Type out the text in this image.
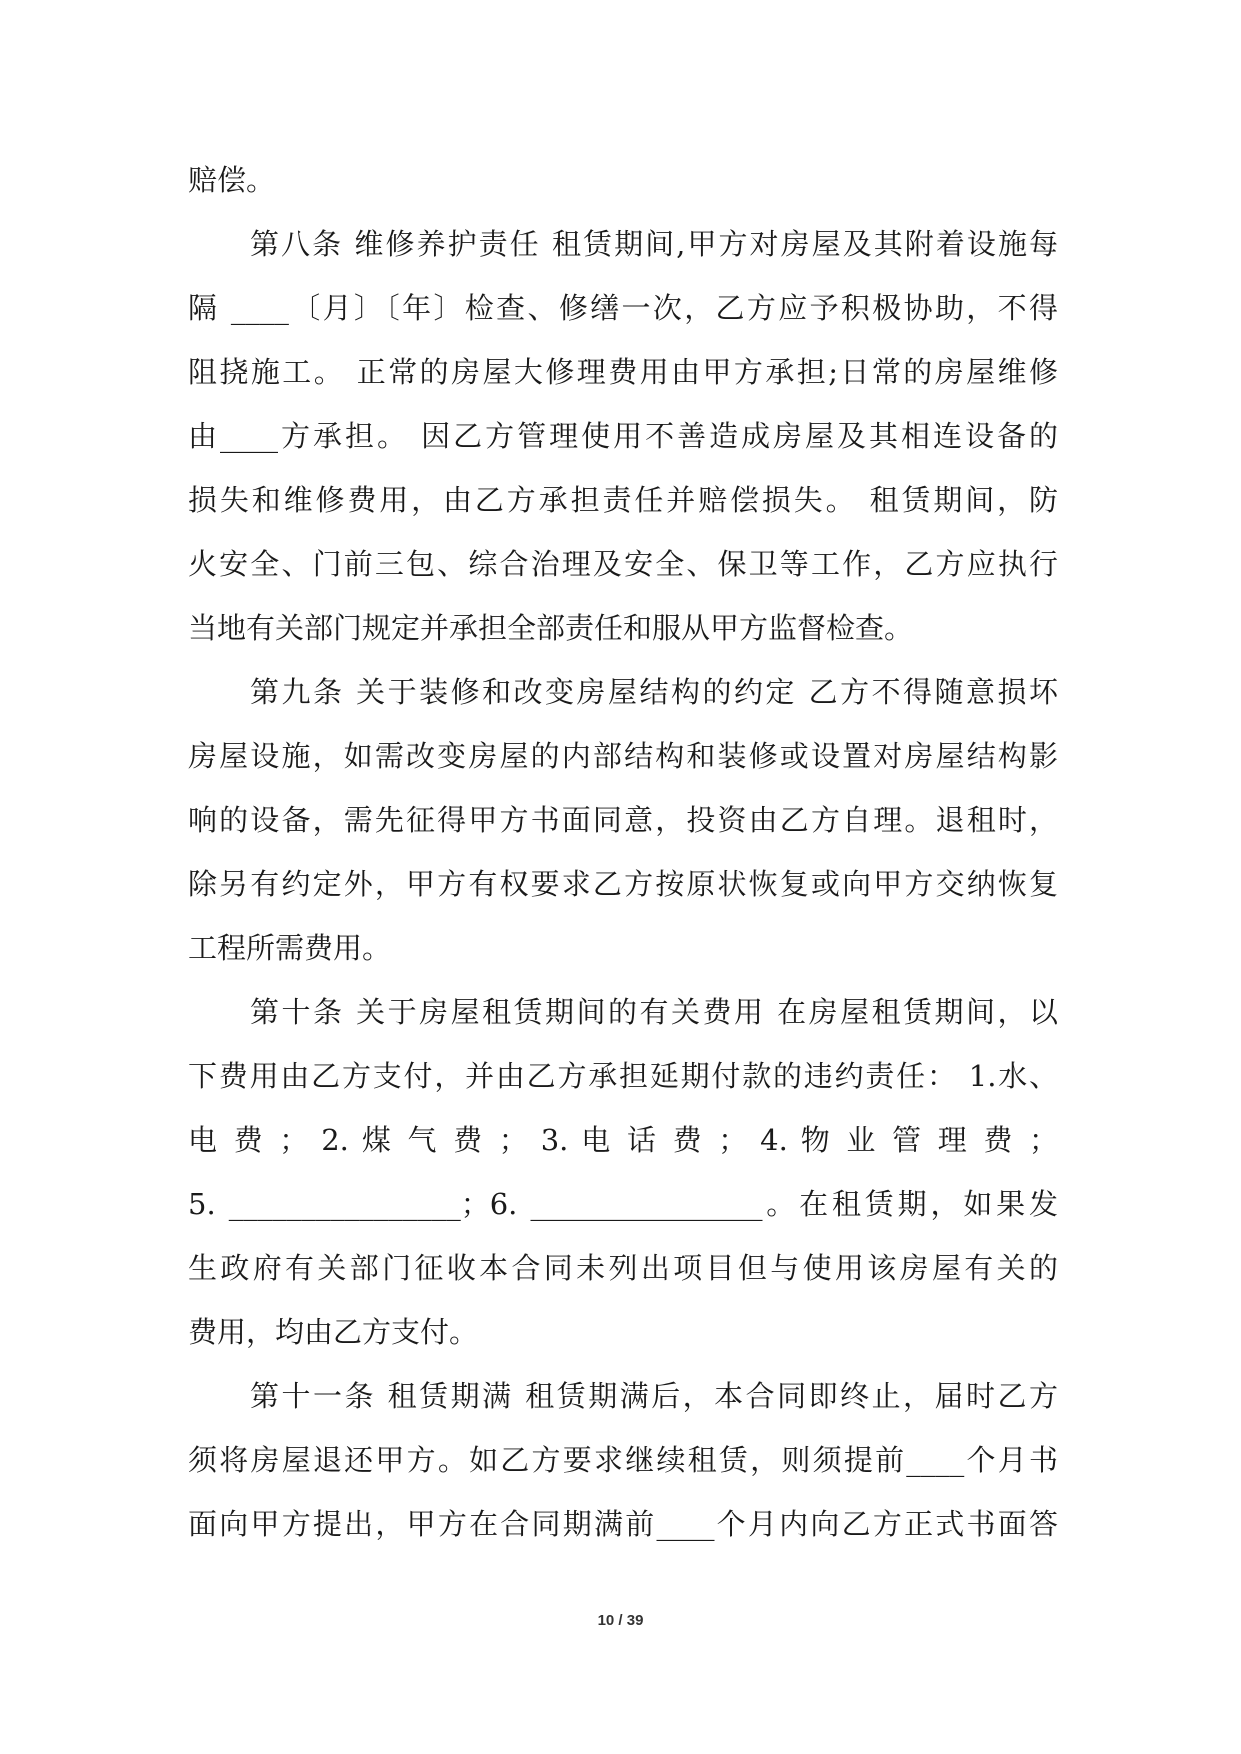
赔偿。
第八条 维修养护责任 租赁期间,甲方对房屋及其附着设施每
隔 ____〔月〕〔年〕检查、修缮一次，乙方应予积极协助，不得
阻挠施工。 正常的房屋大修理费用由甲方承担;日常的房屋维修
由____方承担。 因乙方管理使用不善造成房屋及其相连设备的
损失和维修费用，由乙方承担责任并赔偿损失。 租赁期间，防
火安全、门前三包、综合治理及安全、保卫等工作，乙方应执行
当地有关部门规定并承担全部责任和服从甲方监督检查。
第九条 关于装修和改变房屋结构的约定 乙方不得随意损坏
房屋设施，如需改变房屋的内部结构和装修或设置对房屋结构影
响的设备，需先征得甲方书面同意，投资由乙方自理。退租时，
除另有约定外，甲方有权要求乙方按原状恢复或向甲方交纳恢复
工程所需费用。
第十条 关于房屋租赁期间的有关费用 在房屋租赁期间，以
下费用由乙方支付，并由乙方承担延期付款的违约责任： 1.水、
电 费 ； 2. 煤 气 费 ； 3. 电 话 费 ； 4. 物 业 管 理 费 ；
5. ________________；6. ________________。在租赁期，如果发
生政府有关部门征收本合同未列出项目但与使用该房屋有关的
费用，均由乙方支付。
第十一条 租赁期满 租赁期满后，本合同即终止，届时乙方
须将房屋退还甲方。如乙方要求继续租赁，则须提前____个月书
面向甲方提出，甲方在合同期满前____个月内向乙方正式书面答
10 / 39
